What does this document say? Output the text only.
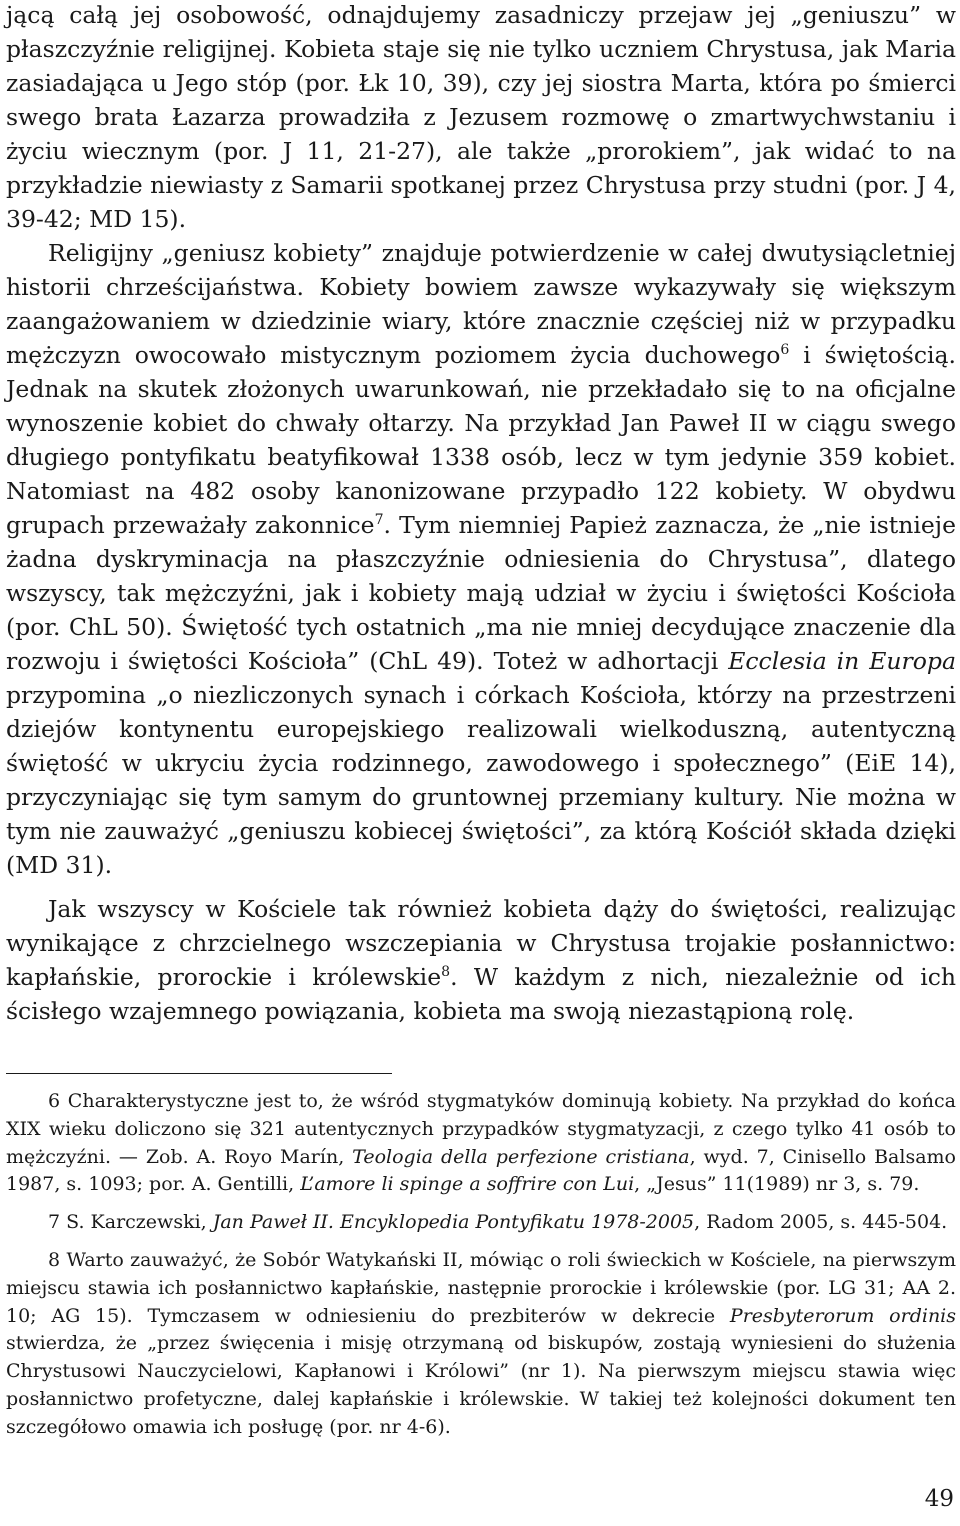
jącą całą jej osobowość, odnajdujemy zasadniczy przejaw jej „geniuszu” w płaszczyźnie religijnej. Kobieta staje się nie tylko uczniem Chrystusa, jak Maria zasiadająca u Jego stóp (por. Łk 10, 39), czy jej siostra Marta, która po śmierci swego brata Łazarza prowadziła z Jezusem rozmowę o zmartwychwstaniu i życiu wiecznym (por. J 11, 21-27), ale także „prorokiem”, jak widać to na przykładzie niewiasty z Samarii spotkanej przez Chrystusa przy studni (por. J 4, 39-42; MD 15).

Religijny „geniusz kobiety” znajduje potwierdzenie w całej dwutysiącletniej historii chrześcijaństwa. Kobiety bowiem zawsze wykazywały się większym zaangażowaniem w dziedzinie wiary, które znacznie częściej niż w przypadku mężczyzn owocowało mistycznym poziomem życia duchowego$^6$ i świętością. Jednak na skutek złożonych uwarunkowań, nie przekładało się to na oficjalne wynoszenie kobiet do chwały ołtarzy. Na przykład Jan Paweł II w ciągu swego długiego pontyfikatu beatyfikował 1338 osób, lecz w tym jedynie 359 kobiet. Natomiast na 482 osoby kanonizowane przypadło 122 kobiety. W obydwu grupach przeważały zakonnice$^7$. Tym niemniej Papież zaznacza, że „nie istnieje żadna dyskryminacja na płaszczyźnie odniesienia do Chrystusa”, dlatego wszyscy, tak mężczyźni, jak i kobiety mają udział w życiu i świętości Kościoła (por. ChL 50). Świętość tych ostatnich „ma nie mniej decydujące znaczenie dla rozwoju i świętości Kościoła” (ChL 49). Toteż w adhortacji Ecclesia in Europa przypomina „o niezliczonych synach i córkach Kościoła, którzy na przestrzeni dziejów kontynentu europejskiego realizowali wielkoduszną, autentyczną świętość w ukryciu życia rodzinnego, zawodowego i społecznego” (EiE 14), przyczyniając się tym samym do gruntownej przemiany kultury. Nie można w tym nie zauważyć „geniuszu kobiecej świętości”, za którą Kościół składa dzięki (MD 31).

Jak wszyscy w Kościele tak również kobieta dąży do świętości, realizując wynikające z chrzcielnego wszczepiania w Chrystusa trojakie posłannictwo: kapłańskie, prorockie i królewskie$^8$. W każdym z nich, niezależnie od ich ścisłego wzajemnego powiązania, kobieta ma swoją niezastąpioną rolę.

6 Charakterystyczne jest to, że wśród stygmatyków dominują kobiety. Na przykład do końca XIX wieku doliczono się 321 autentycznych przypadków stygmatyzacji, z czego tylko 41 osób to mężczyźni. — Zob. A. Royo Marín, Teologia della perfezione cristiana, wyd. 7, Cinisello Balsamo 1987, s. 1093; por. A. Gentilli, L’amore li spinge a soffrire con Lui, „Jesus” 11(1989) nr 3, s. 79.

7 S. Karczewski, Jan Paweł II. Encyklopedia Pontyfikatu 1978-2005, Radom 2005, s. 445-504.

8 Warto zauważyć, że Sobór Watykański II, mówiąc o roli świeckich w Kościele, na pierwszym miejscu stawia ich posłannictwo kapłańskie, następnie prorockie i królewskie (por. LG 31; AA 2. 10; AG 15). Tymczasem w odniesieniu do prezbiterów w dekrecie Presbyterorum ordinis stwierdza, że „przez święcenia i misję otrzymaną od biskupów, zostają wyniesieni do służenia Chrystusowi Nauczycielowi, Kapłanowi i Królowi” (nr 1). Na pierwszym miejscu stawia więc posłannictwo profetyczne, dalej kapłańskie i królewskie. W takiej też kolejności dokument ten szczegółowo omawia ich posługę (por. nr 4-6).

49
